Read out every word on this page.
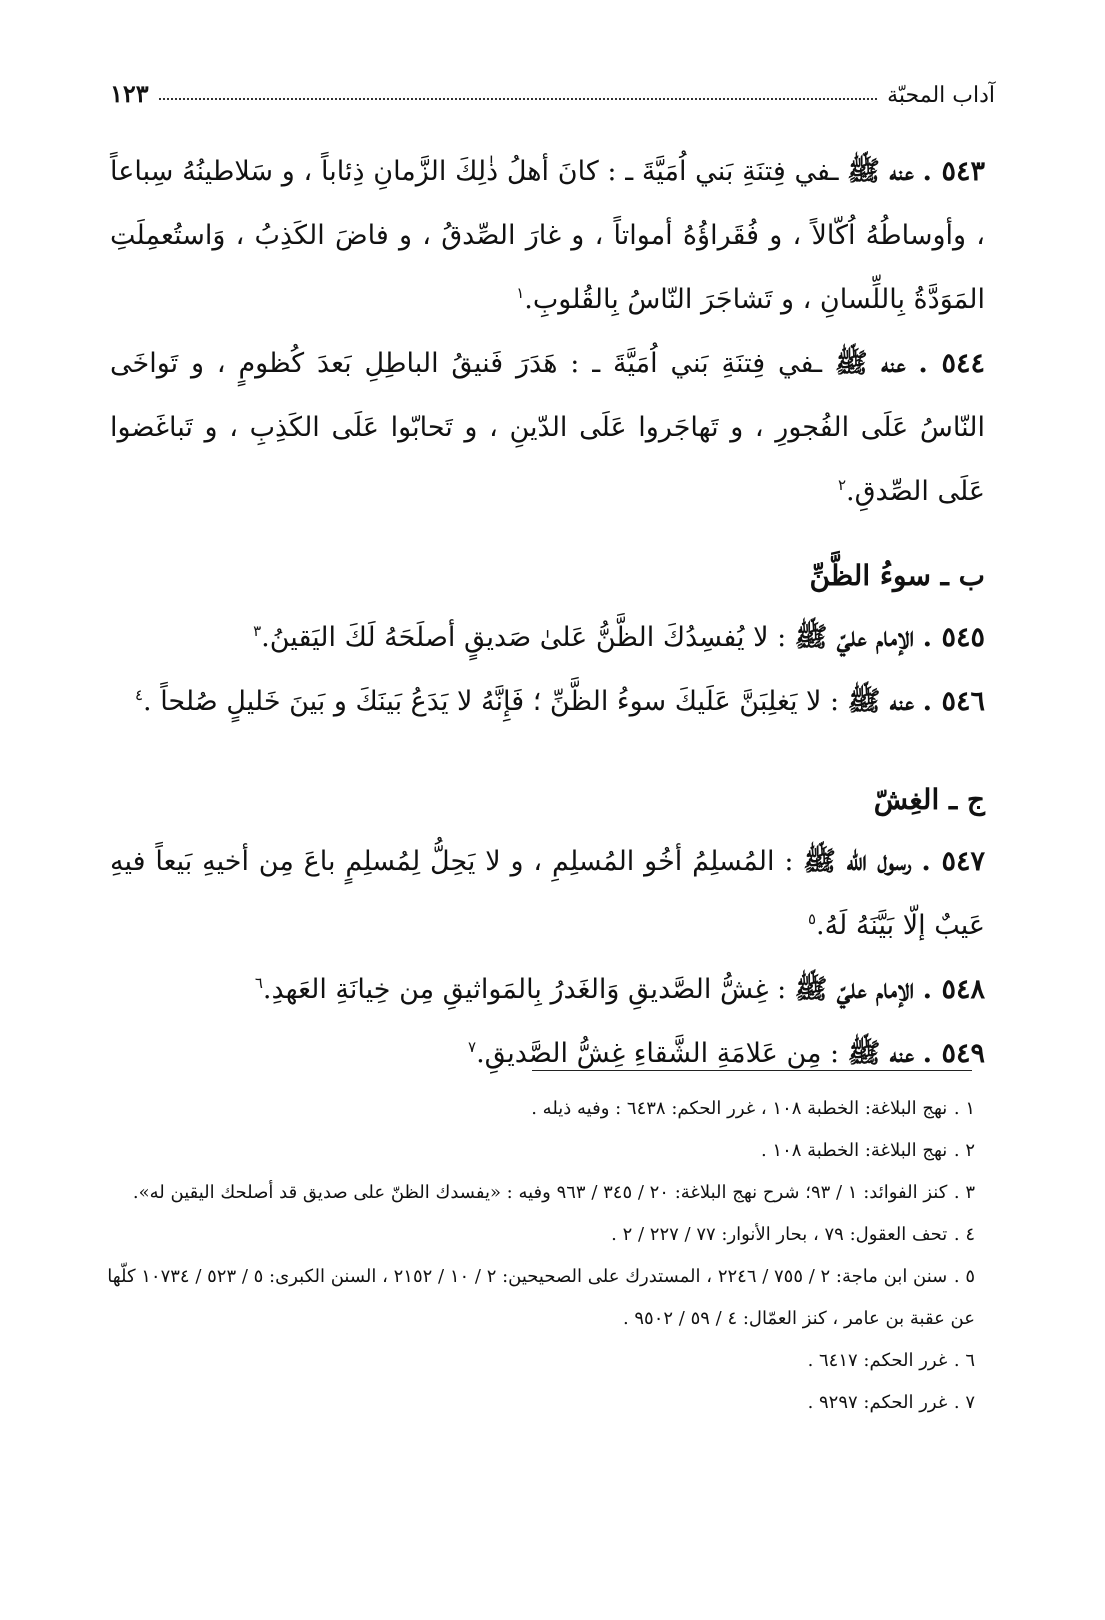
آداب المحبّة
١٢٣

٥٤٣ . عنه ﷺ ـفي فِتنَةِ بَني اُمَيَّةَ ـ : كانَ أهلُ ذٰلِكَ الزَّمانِ ذِئاباً ، و سَلاطينُهُ سِباعاً ، وأوساطُهُ اُكّالاً ، و فُقَراؤُهُ أمواتاً ، و غارَ الصِّدقُ ، و فاضَ الكَذِبُ ، وَاستُعمِلَتِ المَوَدَّةُ بِاللِّسانِ ، و تَشاجَرَ النّاسُ بِالقُلوبِ.$^١$

٥٤٤ . عنه ﷺ ـفي فِتنَةِ بَني اُمَيَّةَ ـ : هَدَرَ فَنيقُ الباطِلِ بَعدَ كُظومٍ ، و تَواخَى النّاسُ عَلَى الفُجورِ ، و تَهاجَروا عَلَى الدّينِ ، و تَحابّوا عَلَى الكَذِبِ ، و تَباغَضوا عَلَى الصِّدقِ.$^٢$

ب ـ سوءُ الظَّنِّ

٥٤٥ . الإمام عليّ ﷺ : لا يُفسِدُكَ الظَّنُّ عَلىٰ صَديقٍ أصلَحَهُ لَكَ اليَقينُ.$^٣$

٥٤٦ . عنه ﷺ : لا يَغلِبَنَّ عَلَيكَ سوءُ الظَّنِّ ؛ فَإِنَّهُ لا يَدَعُ بَينَكَ و بَينَ خَليلٍ صُلحاً .$^٤$

ج ـ الغِشّ

٥٤٧ . رسول الله ﷺ : المُسلِمُ أخُو المُسلِمِ ، و لا يَحِلُّ لِمُسلِمٍ باعَ مِن أخيهِ بَيعاً فيهِ عَيبٌ إلّا بَيَّنَهُ لَهُ.$^٥$

٥٤٨ . الإمام عليّ ﷺ : غِشُّ الصَّديقِ وَالغَدرُ بِالمَواثيقِ مِن خِيانَةِ العَهدِ.$^٦$

٥٤٩ . عنه ﷺ : مِن عَلامَةِ الشَّقاءِ غِشُّ الصَّديقِ.$^٧$

١ . نهج البلاغة: الخطبة ١٠٨ ، غرر الحكم: ٦٤٣٨ : وفيه ذيله .

٢ . نهج البلاغة: الخطبة ١٠٨ .

٣ . كنز الفوائد: ١ / ٩٣؛ شرح نهج البلاغة: ٢٠ / ٣٤٥ / ٩٦٣ وفيه : «يفسدك الظنّ على صديق قد أصلحك اليقين له».

٤ . تحف العقول: ٧٩ ، بحار الأنوار: ٧٧ / ٢٢٧ / ٢ .

٥ . سنن ابن ماجة: ٢ / ٧٥٥ / ٢٢٤٦ ، المستدرك على الصحيحين: ٢ / ١٠ / ٢١٥٢ ، السنن الكبرى: ٥ / ٥٢٣ / ١٠٧٣٤ كلّها عن عقبة بن عامر ، كنز العمّال: ٤ / ٥٩ / ٩٥٠٢ .

٦ . غرر الحكم: ٦٤١٧ .

٧ . غرر الحكم: ٩٢٩٧ .
